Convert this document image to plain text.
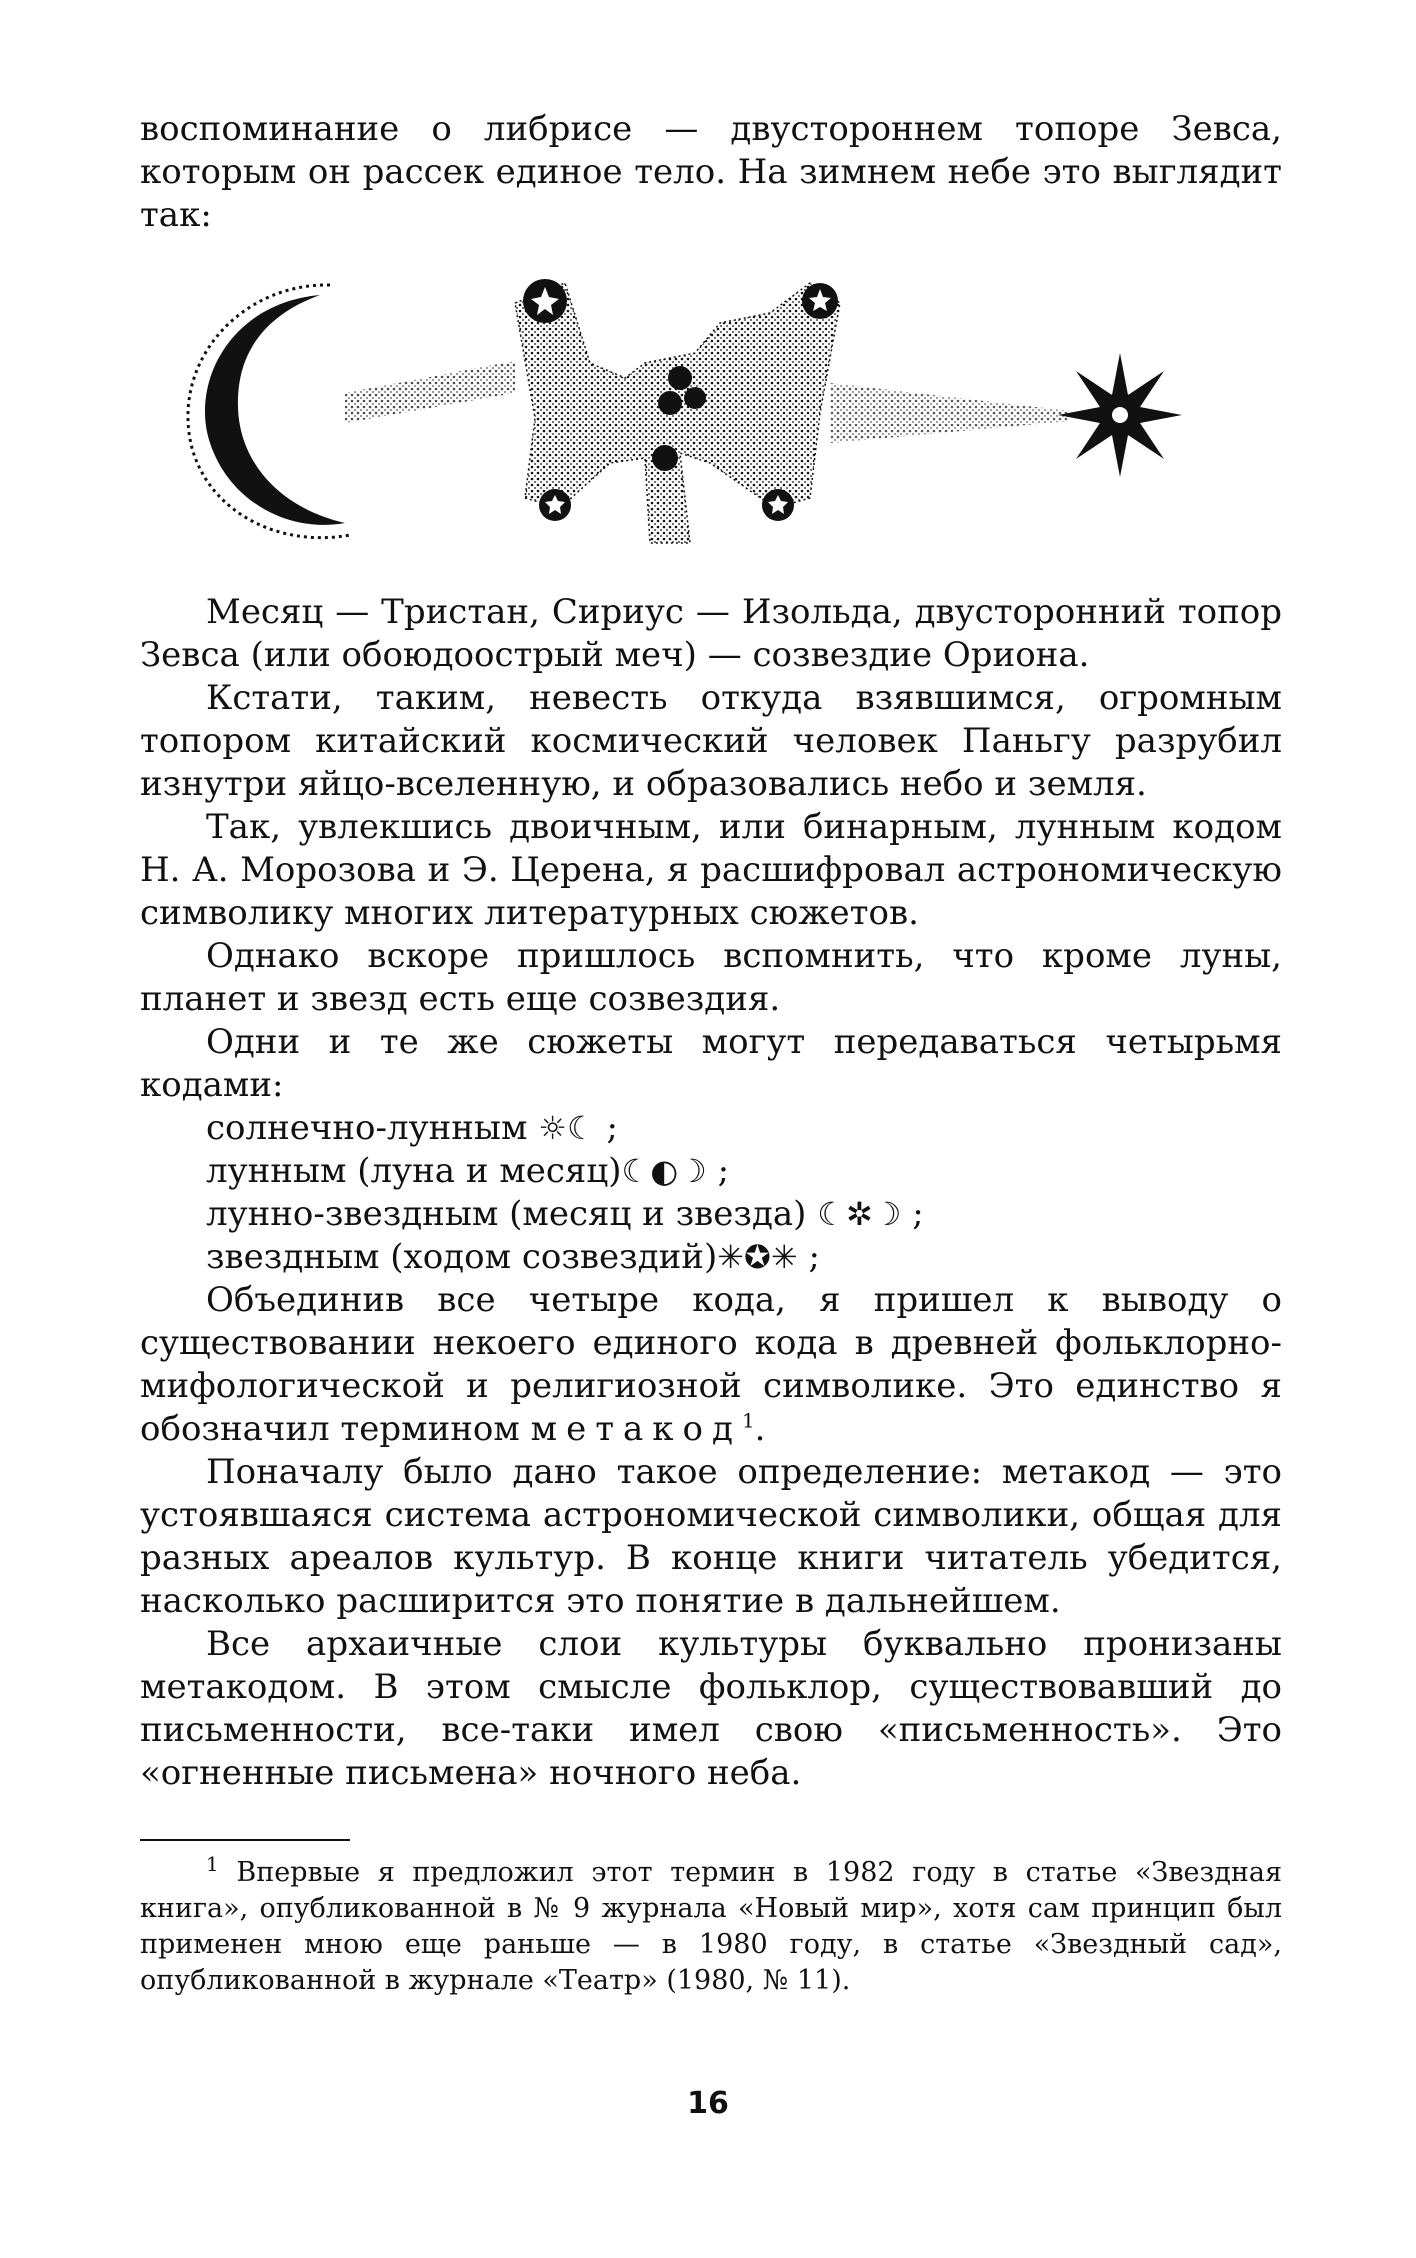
воспоминание о либрисе — двустороннем топоре Зевса, которым он рассек единое тело. На зимнем небе это выглядит так:

Месяц — Тристан, Сириус — Изольда, двусторонний топор Зевса (или обоюдоострый меч) — созвездие Ориона.

Кстати, таким, невесть откуда взявшимся, огромным топором китайский космический человек Паньгу разрубил изнутри яйцо-вселенную, и образовались небо и земля.

Так, увлекшись двоичным, или бинарным, лунным кодом Н. А. Морозова и Э. Церена, я расшифровал астрономическую символику многих литературных сюжетов.

Однако вскоре пришлось вспомнить, что кроме луны, планет и звезд есть еще созвездия.

Одни и те же сюжеты могут передаваться четырьмя кодами:

солнечно-лунным ☼☾ ;

лунным (луна и месяц)☾◐☽ ;

лунно-звездным (месяц и звезда) ☾✲☽ ;

звездным (ходом созвездий)✳✪✳ ;

Объединив все четыре кода, я пришел к выводу о существовании некоего единого кода в древней фольклорно-мифологической и религиозной символике. Это единство я обозначил термином метакод$^1$.

Поначалу было дано такое определение: метакод — это устоявшаяся система астрономической символики, общая для разных ареалов культур. В конце книги читатель убедится, насколько расширится это понятие в дальнейшем.

Все архаичные слои культуры буквально пронизаны метакодом. В этом смысле фольклор, существовавший до письменности, все-таки имел свою «письменность». Это «огненные письмена» ночного неба.

$^1$ Впервые я предложил этот термин в 1982 году в статье «Звездная книга», опубликованной в № 9 журнала «Новый мир», хотя сам принцип был применен мною еще раньше — в 1980 году, в статье «Звездный сад», опубликованной в журнале «Театр» (1980, № 11).

16
